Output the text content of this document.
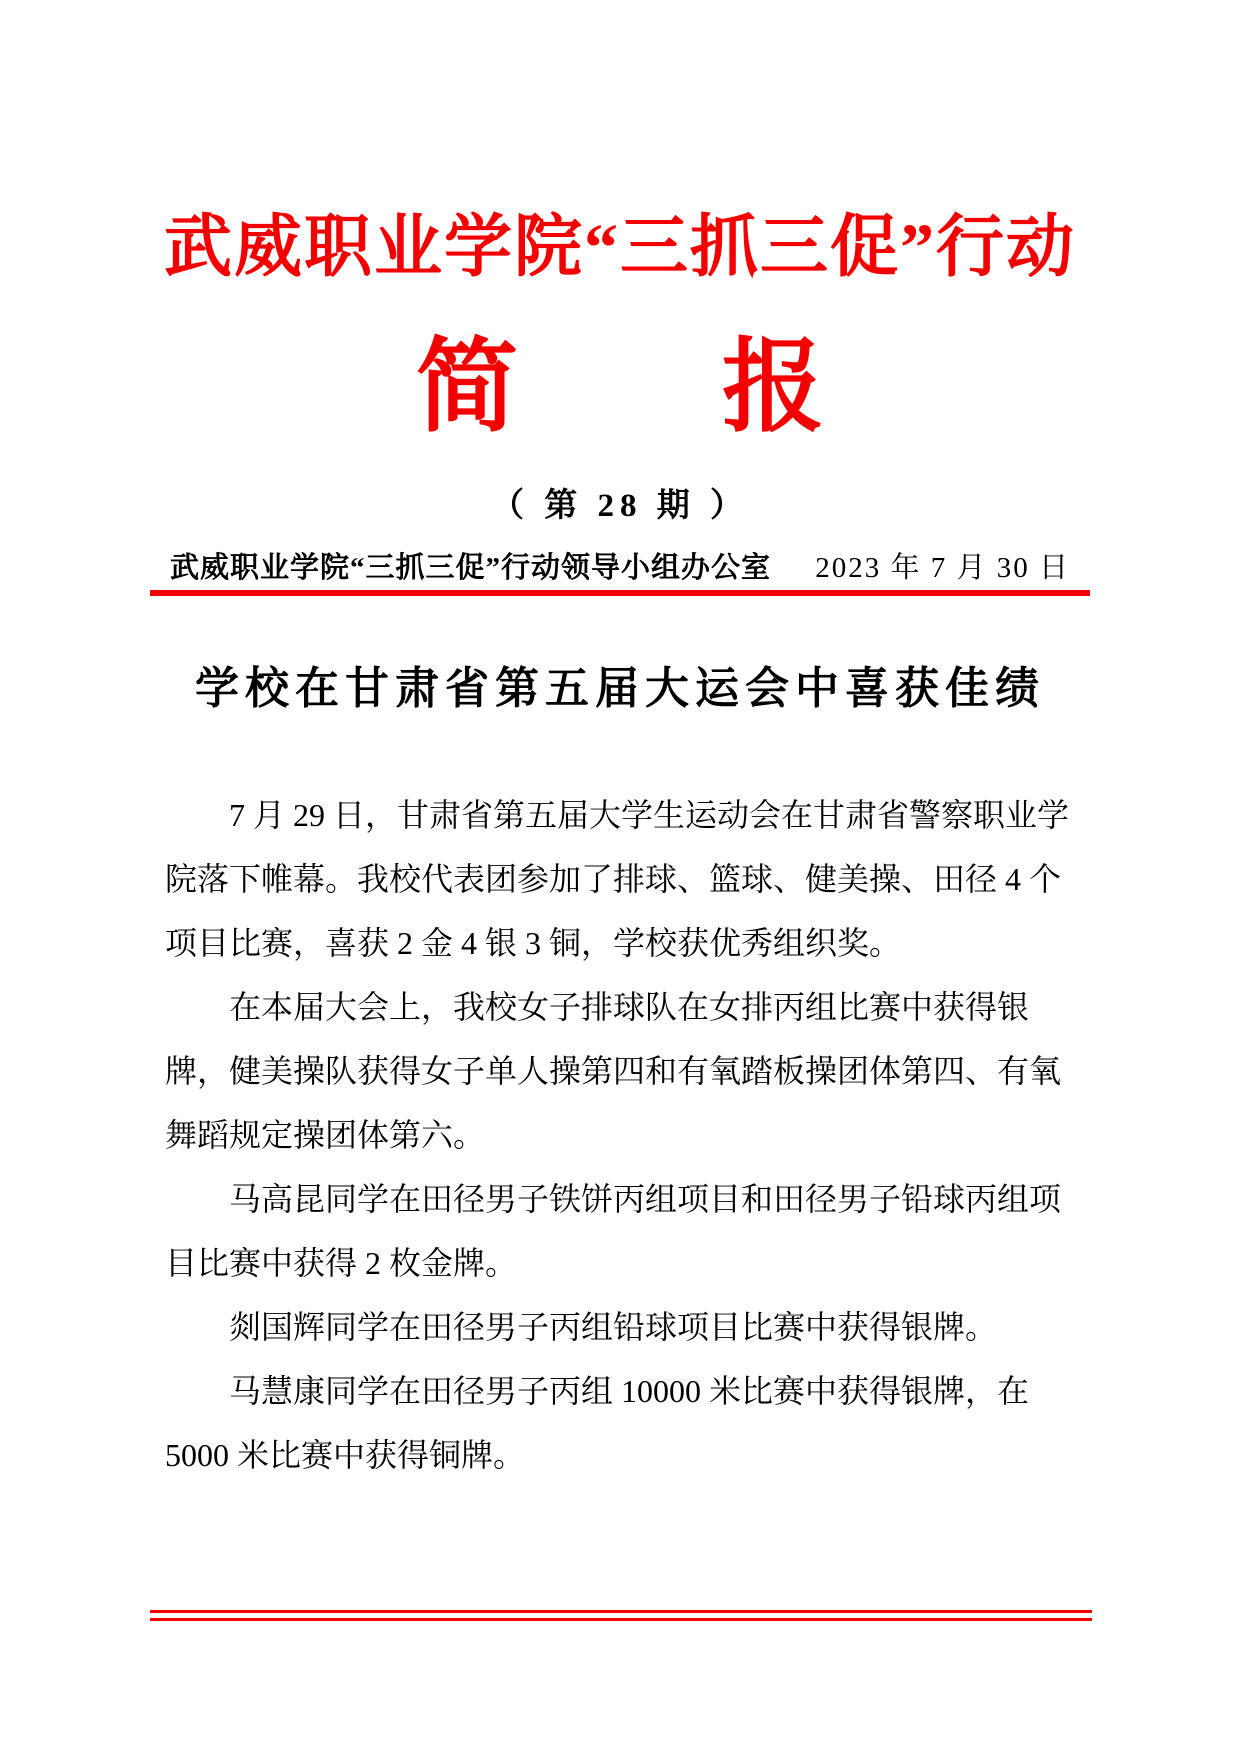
武威职业学院“三抓三促”行动
简　　报
（ 第 28 期 ）
武威职业学院“三抓三促”行动领导小组办公室 2023 年 7 月 30 日
学校在甘肃省第五届大运会中喜获佳绩

7 月 29 日，甘肃省第五届大学生运动会在甘肃省警察职业学院落下帷幕。我校代表团参加了排球、篮球、健美操、田径 4 个项目比赛，喜获 2 金 4 银 3 铜，学校获优秀组织奖。

在本届大会上，我校女子排球队在女排丙组比赛中获得银牌，健美操队获得女子单人操第四和有氧踏板操团体第四、有氧舞蹈规定操团体第六。

马高昆同学在田径男子铁饼丙组项目和田径男子铅球丙组项目比赛中获得 2 枚金牌。

剡国辉同学在田径男子丙组铅球项目比赛中获得银牌。

马慧康同学在田径男子丙组 10000 米比赛中获得银牌，在 5000 米比赛中获得铜牌。
